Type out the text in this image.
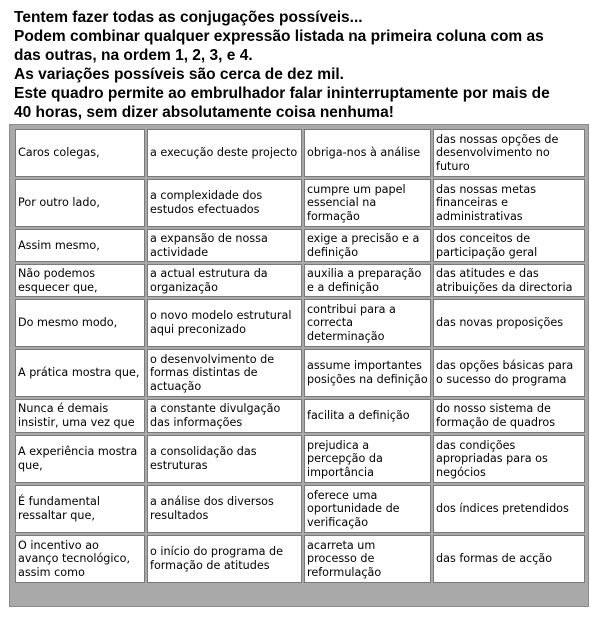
Tentem fazer todas as conjugações possíveis...
Podem combinar qualquer expressão listada na primeira coluna com as
das outras, na ordem 1, 2, 3, e 4.
As variações possíveis são cerca de dez mil.
Este quadro permite ao embrulhador falar ininterruptamente por mais de
40 horas, sem dizer absolutamente coisa nenhuma!
Caros colegas,	a execução deste projecto	obriga-nos à análise	das nossas opções de desenvolvimento no futuro
Por outro lado,	a complexidade dos estudos efectuados	cumpre um papel essencial na formação	das nossas metas financeiras e administrativas
Assim mesmo,	a expansão de nossa actividade	exige a precisão e a definição	dos conceitos de participação geral
Não podemos esquecer que,	a actual estrutura da organização	auxilia a preparação e a definição	das atitudes e das atribuições da directoria
Do mesmo modo,	o novo modelo estrutural aqui preconizado	contribui para a correcta determinação	das novas proposições
A prática mostra que,	o desenvolvimento de formas distintas de actuação	assume importantes posições na definição	das opções básicas para o sucesso do programa
Nunca é demais insistir, uma vez que	a constante divulgação das informações	facilita a definição	do nosso sistema de formação de quadros
A experiência mostra que,	a consolidação das estruturas	prejudica a percepção da importância	das condições apropriadas para os negócios
É fundamental ressaltar que,	a análise dos diversos resultados	oferece uma oportunidade de verificação	dos índices pretendidos
O incentivo ao avanço tecnológico, assim como	o início do programa de formação de atitudes	acarreta um processo de reformulação	das formas de acção
